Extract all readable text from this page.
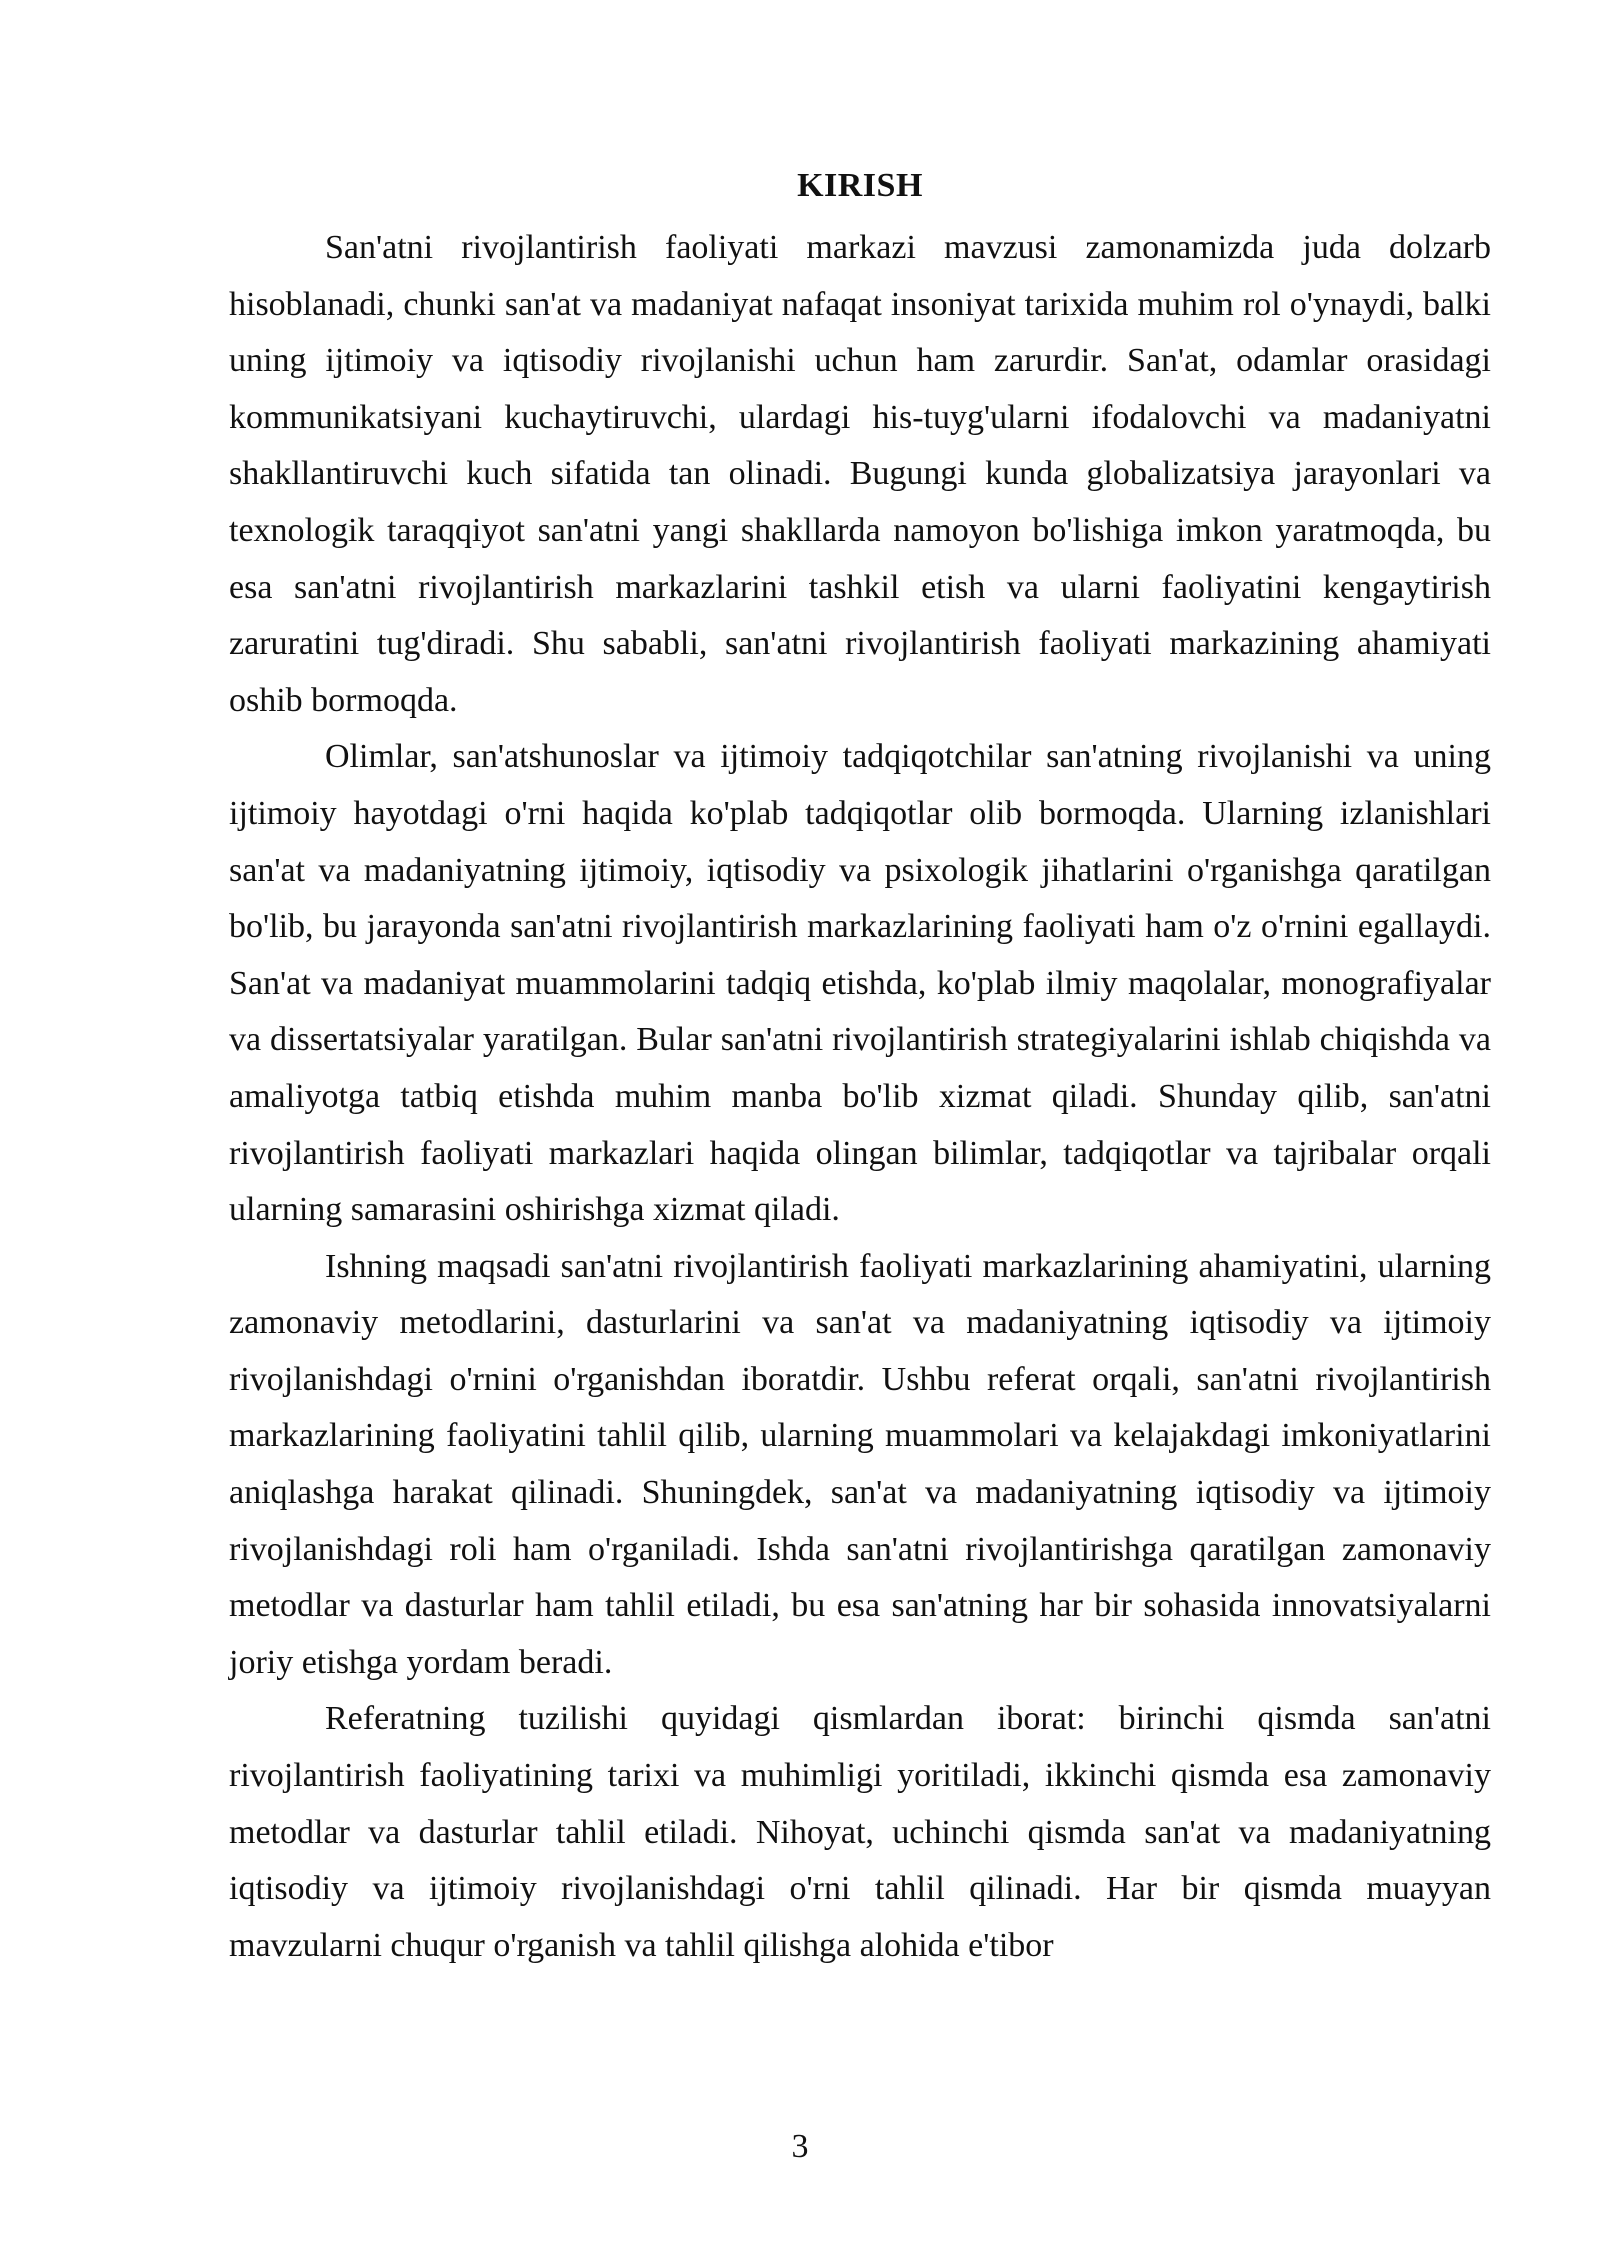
KIRISH

San'atni rivojlantirish faoliyati markazi mavzusi zamonamizda juda dolzarb hisoblanadi, chunki san'at va madaniyat nafaqat insoniyat tarixida muhim rol o'ynaydi, balki uning ijtimoiy va iqtisodiy rivojlanishi uchun ham zarurdir. San'at, odamlar orasidagi kommunikatsiyani kuchaytiruvchi, ulardagi his-tuyg'ularni ifodalovchi va madaniyatni shakllantiruvchi kuch sifatida tan olinadi. Bugungi kunda globalizatsiya jarayonlari va texnologik taraqqiyot san'atni yangi shakllarda namoyon bo'lishiga imkon yaratmoqda, bu esa san'atni rivojlantirish markazlarini tashkil etish va ularni faoliyatini kengaytirish zaruratini tug'diradi. Shu sababli, san'atni rivojlantirish faoliyati markazining ahamiyati oshib bormoqda.

Olimlar, san'atshunoslar va ijtimoiy tadqiqotchilar san'atning rivojlanishi va uning ijtimoiy hayotdagi o'rni haqida ko'plab tadqiqotlar olib bormoqda. Ularning izlanishlari san'at va madaniyatning ijtimoiy, iqtisodiy va psixologik jihatlarini o'rganishga qaratilgan bo'lib, bu jarayonda san'atni rivojlantirish markazlarining faoliyati ham o'z o'rnini egallaydi. San'at va madaniyat muammolarini tadqiq etishda, ko'plab ilmiy maqolalar, monografiyalar va dissertatsiyalar yaratilgan. Bular san'atni rivojlantirish strategiyalarini ishlab chiqishda va amaliyotga tatbiq etishda muhim manba bo'lib xizmat qiladi. Shunday qilib, san'atni rivojlantirish faoliyati markazlari haqida olingan bilimlar, tadqiqotlar va tajribalar orqali ularning samarasini oshirishga xizmat qiladi.

Ishning maqsadi san'atni rivojlantirish faoliyati markazlarining ahamiyatini, ularning zamonaviy metodlarini, dasturlarini va san'at va madaniyatning iqtisodiy va ijtimoiy rivojlanishdagi o'rnini o'rganishdan iboratdir. Ushbu referat orqali, san'atni rivojlantirish markazlarining faoliyatini tahlil qilib, ularning muammolari va kelajakdagi imkoniyatlarini aniqlashga harakat qilinadi. Shuningdek, san'at va madaniyatning iqtisodiy va ijtimoiy rivojlanishdagi roli ham o'rganiladi. Ishda san'atni rivojlantirishga qaratilgan zamonaviy metodlar va dasturlar ham tahlil etiladi, bu esa san'atning har bir sohasida innovatsiyalarni joriy etishga yordam beradi.

Referatning tuzilishi quyidagi qismlardan iborat: birinchi qismda san'atni rivojlantirish faoliyatining tarixi va muhimligi yoritiladi, ikkinchi qismda esa zamonaviy metodlar va dasturlar tahlil etiladi. Nihoyat, uchinchi qismda san'at va madaniyatning iqtisodiy va ijtimoiy rivojlanishdagi o'rni tahlil qilinadi. Har bir qismda muayyan mavzularni chuqur o'rganish va tahlil qilishga alohida e'tibor

3
